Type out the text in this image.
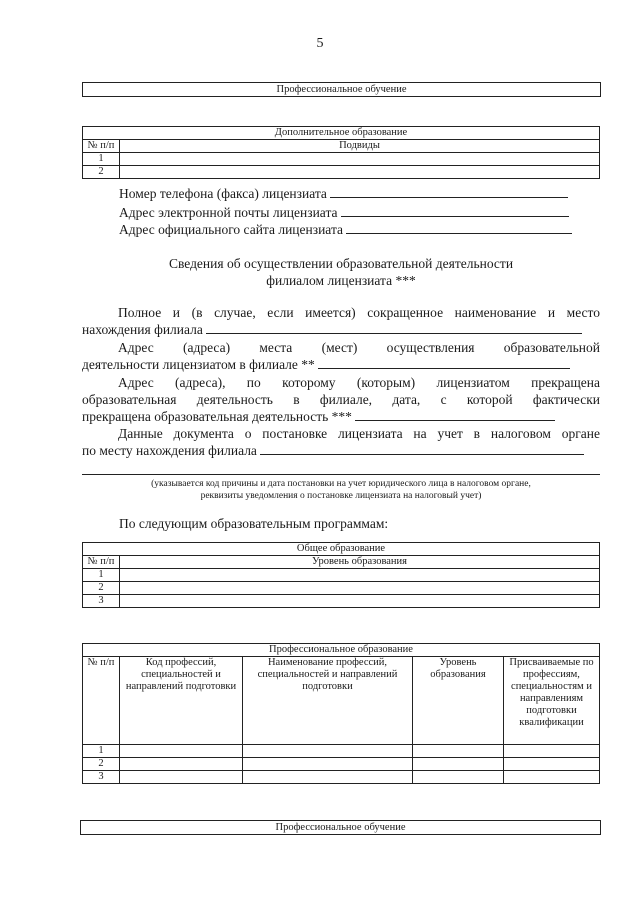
5
Профессиональное обучение
Дополнительное образование	
№ п/п	Подвиды
1	
2	
Номер телефона (факса) лицензиата
Адрес электронной почты лицензиата
Адрес официального сайта лицензиата
Сведения об осуществлении образовательной деятельности
филиалом лицензиата ***
Полное и (в случае, если имеется) сокращенное наименование и место
нахождения филиала
Адрес (адреса) места (мест) осуществления образовательной
деятельности лицензиатом в филиале **
Адрес (адреса), по которому (которым) лицензиатом прекращена
образовательная деятельность в филиале, дата, с которой фактически
прекращена образовательная деятельность ***
Данные документа о постановке лицензиата на учет в налоговом органе
по месту нахождения филиала
(указывается код причины и дата постановки на учет юридического лица в налоговом органе,
реквизиты уведомления о постановке лицензиата на налоговый учет)
По следующим образовательным программам:
Общее образование	
№ п/п	Уровень образования
1	
2	
3	
Профессиональное образование				
№ п/п	Код профессий, специальностей и направлений подготовки	Наименование профессий, специальностей и направлений подготовки	Уровень образования	Присваиваемые по профессиям, специальностям и направлениям подготовки квалификации
1				
2				
3				
Профессиональное обучение
